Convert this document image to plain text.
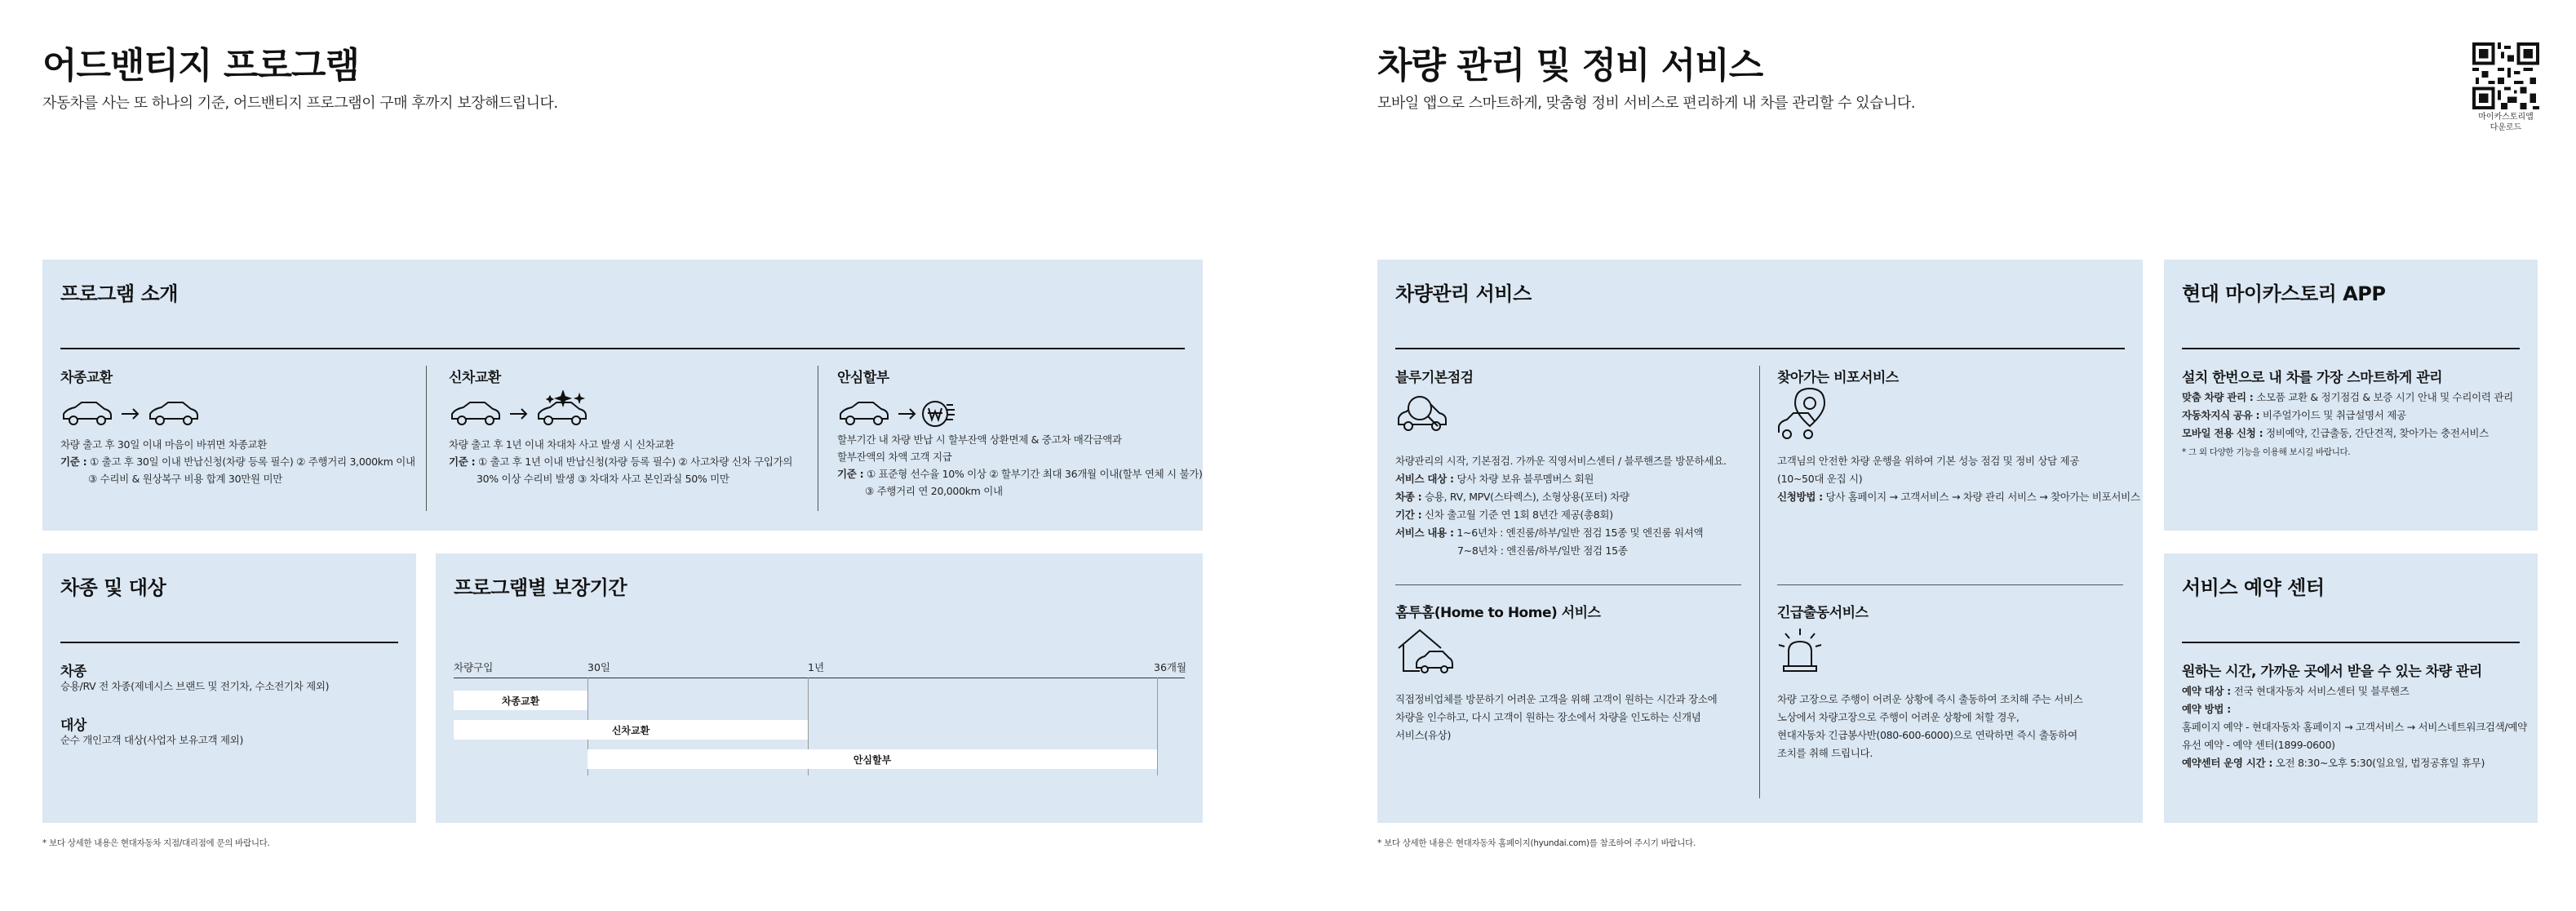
어드밴티지 프로그램
자동차를 사는 또 하나의 기준, 어드밴티지 프로그램이 구매 후까지 보장해드립니다.
프로그램 소개
차종교환
차량 출고 후 30일 이내 마음이 바뀌면 차종교환
기준 : ① 출고 후 30일 이내 반납신청(차량 등록 필수) ② 주행거리 3,000km 이내
③ 수리비 & 원상복구 비용 합계 30만원 미만
신차교환
차량 출고 후 1년 이내 차대차 사고 발생 시 신차교환
기준 : ① 출고 후 1년 이내 반납신청(차량 등록 필수) ② 사고차량 신차 구입가의
30% 이상 수리비 발생 ③ 차대차 사고 본인과실 50% 미만
안심할부
할부기간 내 차량 반납 시 할부잔액 상환면제 & 중고차 매각금액과
할부잔액의 차액 고객 지급
기준 : ① 표준형 선수율 10% 이상 ② 할부기간 최대 36개월 이내(할부 연체 시 불가)
③ 주행거리 연 20,000km 이내
차종 및 대상
차종
승용/RV 전 차종(제네시스 브랜드 및 전기차, 수소전기차 제외)
대상
순수 개인고객 대상(사업자 보유고객 제외)
프로그램별 보장기간
차량구입	30일	1년	36개월
차종교환
신차교환
안심할부
* 보다 상세한 내용은 현대자동차 지점/대리점에 문의 바랍니다.
차량 관리 및 정비 서비스
모바일 앱으로 스마트하게, 맞춤형 정비 서비스로 편리하게 내 차를 관리할 수 있습니다.
마이카스토리앱
다운로드
차량관리 서비스
블루기본점검
차량관리의 시작, 기본점검. 가까운 직영서비스센터 / 블루핸즈를 방문하세요.
서비스 대상 : 당사 차량 보유 블루멤버스 회원
차종 : 승용, RV, MPV(스타렉스), 소형상용(포터) 차량
기간 : 신차 출고월 기준 연 1회 8년간 제공(총8회)
서비스 내용 : 1~6년차 : 엔진룸/하부/일반 점검 15종 및 엔진룸 워셔액
7~8년차 : 엔진룸/하부/일반 점검 15종
찾아가는 비포서비스
고객님의 안전한 차량 운행을 위하여 기본 성능 점검 및 정비 상담 제공
(10~50대 운집 시)
신청방법 : 당사 홈페이지 → 고객서비스 → 차량 관리 서비스 → 찾아가는 비포서비스
홈투홈(Home to Home) 서비스
직접정비업체를 방문하기 어려운 고객을 위해 고객이 원하는 시간과 장소에
차량을 인수하고, 다시 고객이 원하는 장소에서 차량을 인도하는 신개념
서비스(유상)
긴급출동서비스
차량 고장으로 주행이 어려운 상황에 즉시 출동하여 조치해 주는 서비스
노상에서 차량고장으로 주행이 어려운 상황에 처할 경우,
현대자동차 긴급봉사반(080-600-6000)으로 연락하면 즉시 출동하여
조치를 취해 드립니다.
현대 마이카스토리 APP
설치 한번으로 내 차를 가장 스마트하게 관리
맞춤 차량 관리 : 소모품 교환 & 정기점검 & 보증 시기 안내 및 수리이력 관리
자동차지식 공유 : 비주얼가이드 및 취급설명서 제공
모바일 전용 신청 : 정비예약, 긴급출동, 간단견적, 찾아가는 충전서비스
* 그 외 다양한 기능을 이용해 보시길 바랍니다.
서비스 예약 센터
원하는 시간, 가까운 곳에서 받을 수 있는 차량 관리
예약 대상 : 전국 현대자동차 서비스센터 및 블루핸즈
예약 방법 :
홈페이지 예약 - 현대자동차 홈페이지 → 고객서비스 → 서비스네트워크검색/예약
유선 예약 - 예약 센터(1899-0600)
예약센터 운영 시간 : 오전 8:30~오후 5:30(일요일, 법정공휴일 휴무)
* 보다 상세한 내용은 현대자동차 홈페이지(hyundai.com)를 참조하여 주시기 바랍니다.
